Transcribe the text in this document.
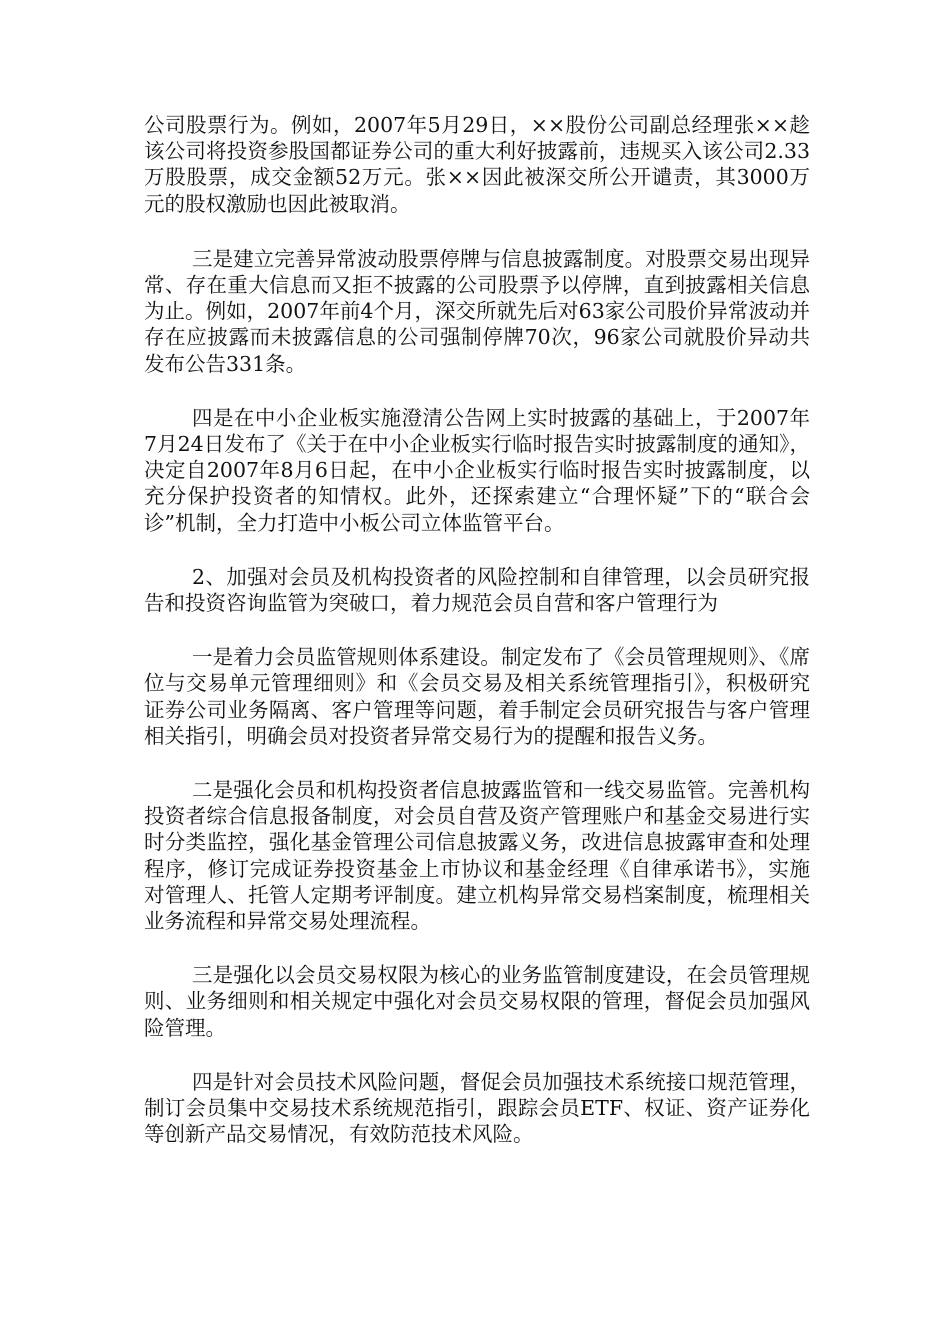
公司股票行为。例如，2007年5月29日，××股份公司副总经理张××趁该公司将投资参股国都证券公司的重大利好披露前，违规买入该公司2.33万股股票，成交金额52万元。张××因此被深交所公开谴责，其3000万元的股权激励也因此被取消。

三是建立完善异常波动股票停牌与信息披露制度。对股票交易出现异常、存在重大信息而又拒不披露的公司股票予以停牌，直到披露相关信息为止。例如，2007年前4个月，深交所就先后对63家公司股价异常波动并存在应披露而未披露信息的公司强制停牌70次，96家公司就股价异动共发布公告331条。

四是在中小企业板实施澄清公告网上实时披露的基础上，于2007年7月24日发布了《关于在中小企业板实行临时报告实时披露制度的通知》，决定自2007年8月6日起，在中小企业板实行临时报告实时披露制度，以充分保护投资者的知情权。此外，还探索建立“合理怀疑”下的“联合会诊”机制，全力打造中小板公司立体监管平台。

2、加强对会员及机构投资者的风险控制和自律管理，以会员研究报告和投资咨询监管为突破口，着力规范会员自营和客户管理行为

一是着力会员监管规则体系建设。制定发布了《会员管理规则》、《席位与交易单元管理细则》和《会员交易及相关系统管理指引》，积极研究证券公司业务隔离、客户管理等问题，着手制定会员研究报告与客户管理相关指引，明确会员对投资者异常交易行为的提醒和报告义务。

二是强化会员和机构投资者信息披露监管和一线交易监管。完善机构投资者综合信息报备制度，对会员自营及资产管理账户和基金交易进行实时分类监控，强化基金管理公司信息披露义务，改进信息披露审查和处理程序，修订完成证券投资基金上市协议和基金经理《自律承诺书》，实施对管理人、托管人定期考评制度。建立机构异常交易档案制度，梳理相关业务流程和异常交易处理流程。

三是强化以会员交易权限为核心的业务监管制度建设，在会员管理规则、业务细则和相关规定中强化对会员交易权限的管理，督促会员加强风险管理。

四是针对会员技术风险问题，督促会员加强技术系统接口规范管理，制订会员集中交易技术系统规范指引，跟踪会员ETF、权证、资产证券化等创新产品交易情况，有效防范技术风险。
